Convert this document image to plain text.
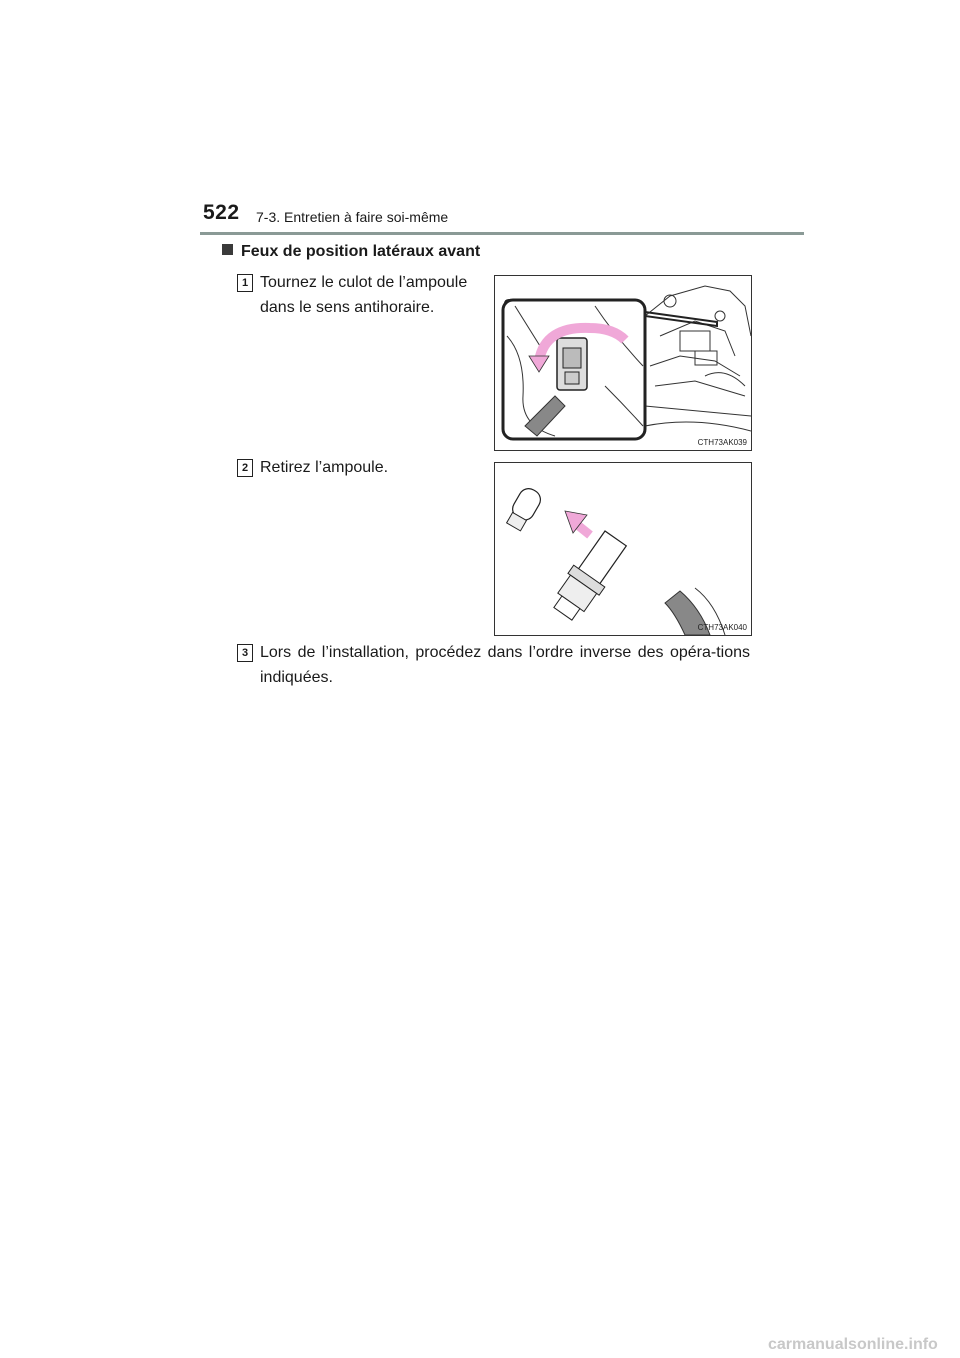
522 7-3. Entretien à faire soi-même
Feux de position latéraux avant
1 Tournez le culot de l’ampoule dans le sens antihoraire.
CTH73AK039
2 Retirez l’ampoule.
CTH73AK040
3 Lors de l’installation, procédez dans l’ordre inverse des opéra-tions indiquées.
carmanualsonline.info
